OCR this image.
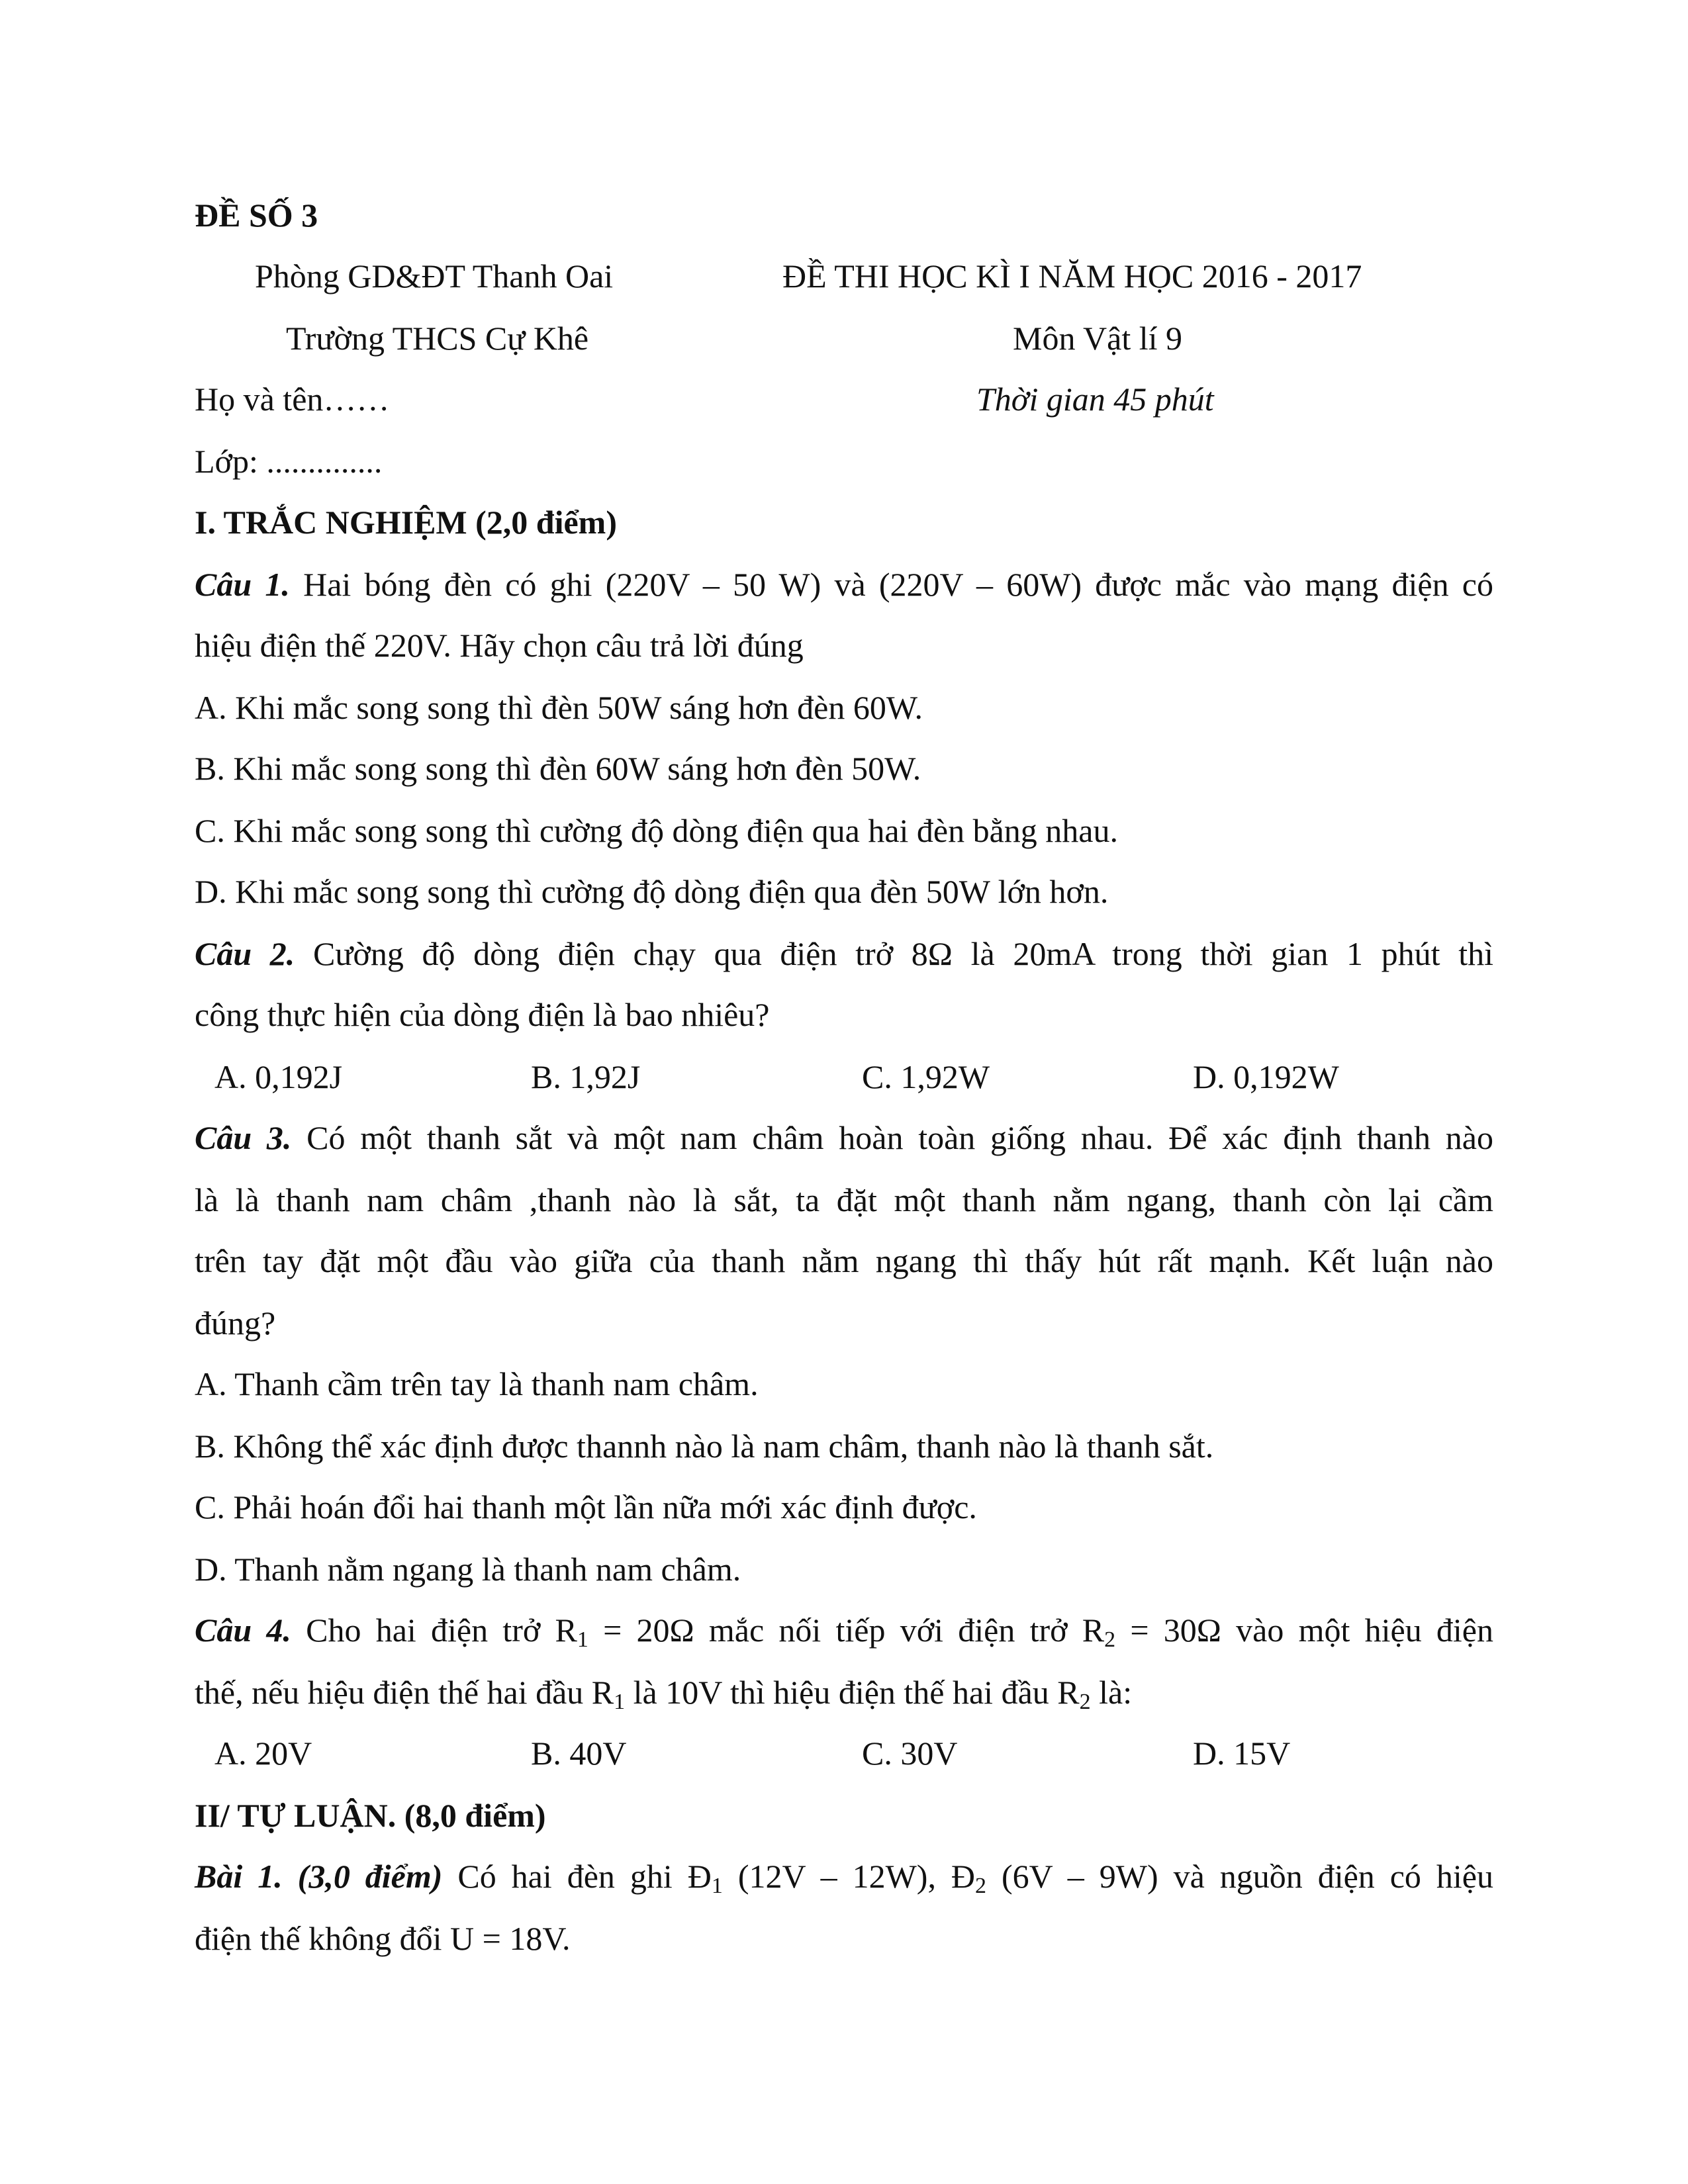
ĐỀ SỐ 3
Phòng GD&ĐT Thanh Oai	ĐỀ THI HỌC KÌ I NĂM HỌC 2016 - 2017
Trường THCS Cự Khê	Môn Vật lí 9
Họ và tên……	Thời gian 45 phút
Lớp: ..............
I. TRẮC NGHIỆM (2,0 điểm)
Câu 1. Hai bóng đèn có ghi (220V – 50 W) và (220V – 60W) được mắc vào mạng điện có
hiệu điện thế 220V. Hãy chọn câu trả lời đúng
A. Khi mắc song song thì đèn 50W sáng hơn đèn 60W.
B. Khi mắc song song thì đèn 60W sáng hơn đèn 50W.
C. Khi mắc song song thì cường độ dòng điện qua hai đèn bằng nhau.
D. Khi mắc song song thì cường độ dòng điện qua đèn 50W lớn hơn.
Câu 2. Cường độ dòng điện chạy qua điện trở 8Ω là 20mA trong thời gian 1 phút thì
công thực hiện của dòng điện là bao nhiêu?
A. 0,192J	B. 1,92J	C. 1,92W	D. 0,192W
Câu 3. Có một thanh sắt và một nam châm hoàn toàn giống nhau. Để xác định thanh nào
là là thanh nam châm ,thanh nào là sắt, ta đặt một thanh nằm ngang, thanh còn lại cầm
trên tay đặt một đầu vào giữa của thanh nằm ngang thì thấy hút rất mạnh. Kết luận nào
đúng?
A. Thanh cầm trên tay là thanh nam châm.
B. Không thể xác định được thannh nào là nam châm, thanh nào là thanh sắt.
C. Phải hoán đổi hai thanh một lần nữa mới xác định được.
D. Thanh nằm ngang là thanh nam châm.
Câu 4. Cho hai điện trở $R_1 = 20\Omega$ mắc nối tiếp với điện trở $R_2 = 30\Omega$ vào một hiệu điện
thế, nếu hiệu điện thế hai đầu $R_1$ là 10V thì hiệu điện thế hai đầu $R_2$ là:
A. 20V	B. 40V	C. 30V	D. 15V
II/ TỰ LUẬN. (8,0 điểm)
Bài 1. (3,0 điểm) Có hai đèn ghi $Đ_1$ (12V – 12W), $Đ_2$ (6V – 9W) và nguồn điện có hiệu
điện thế không đổi U = 18V.
